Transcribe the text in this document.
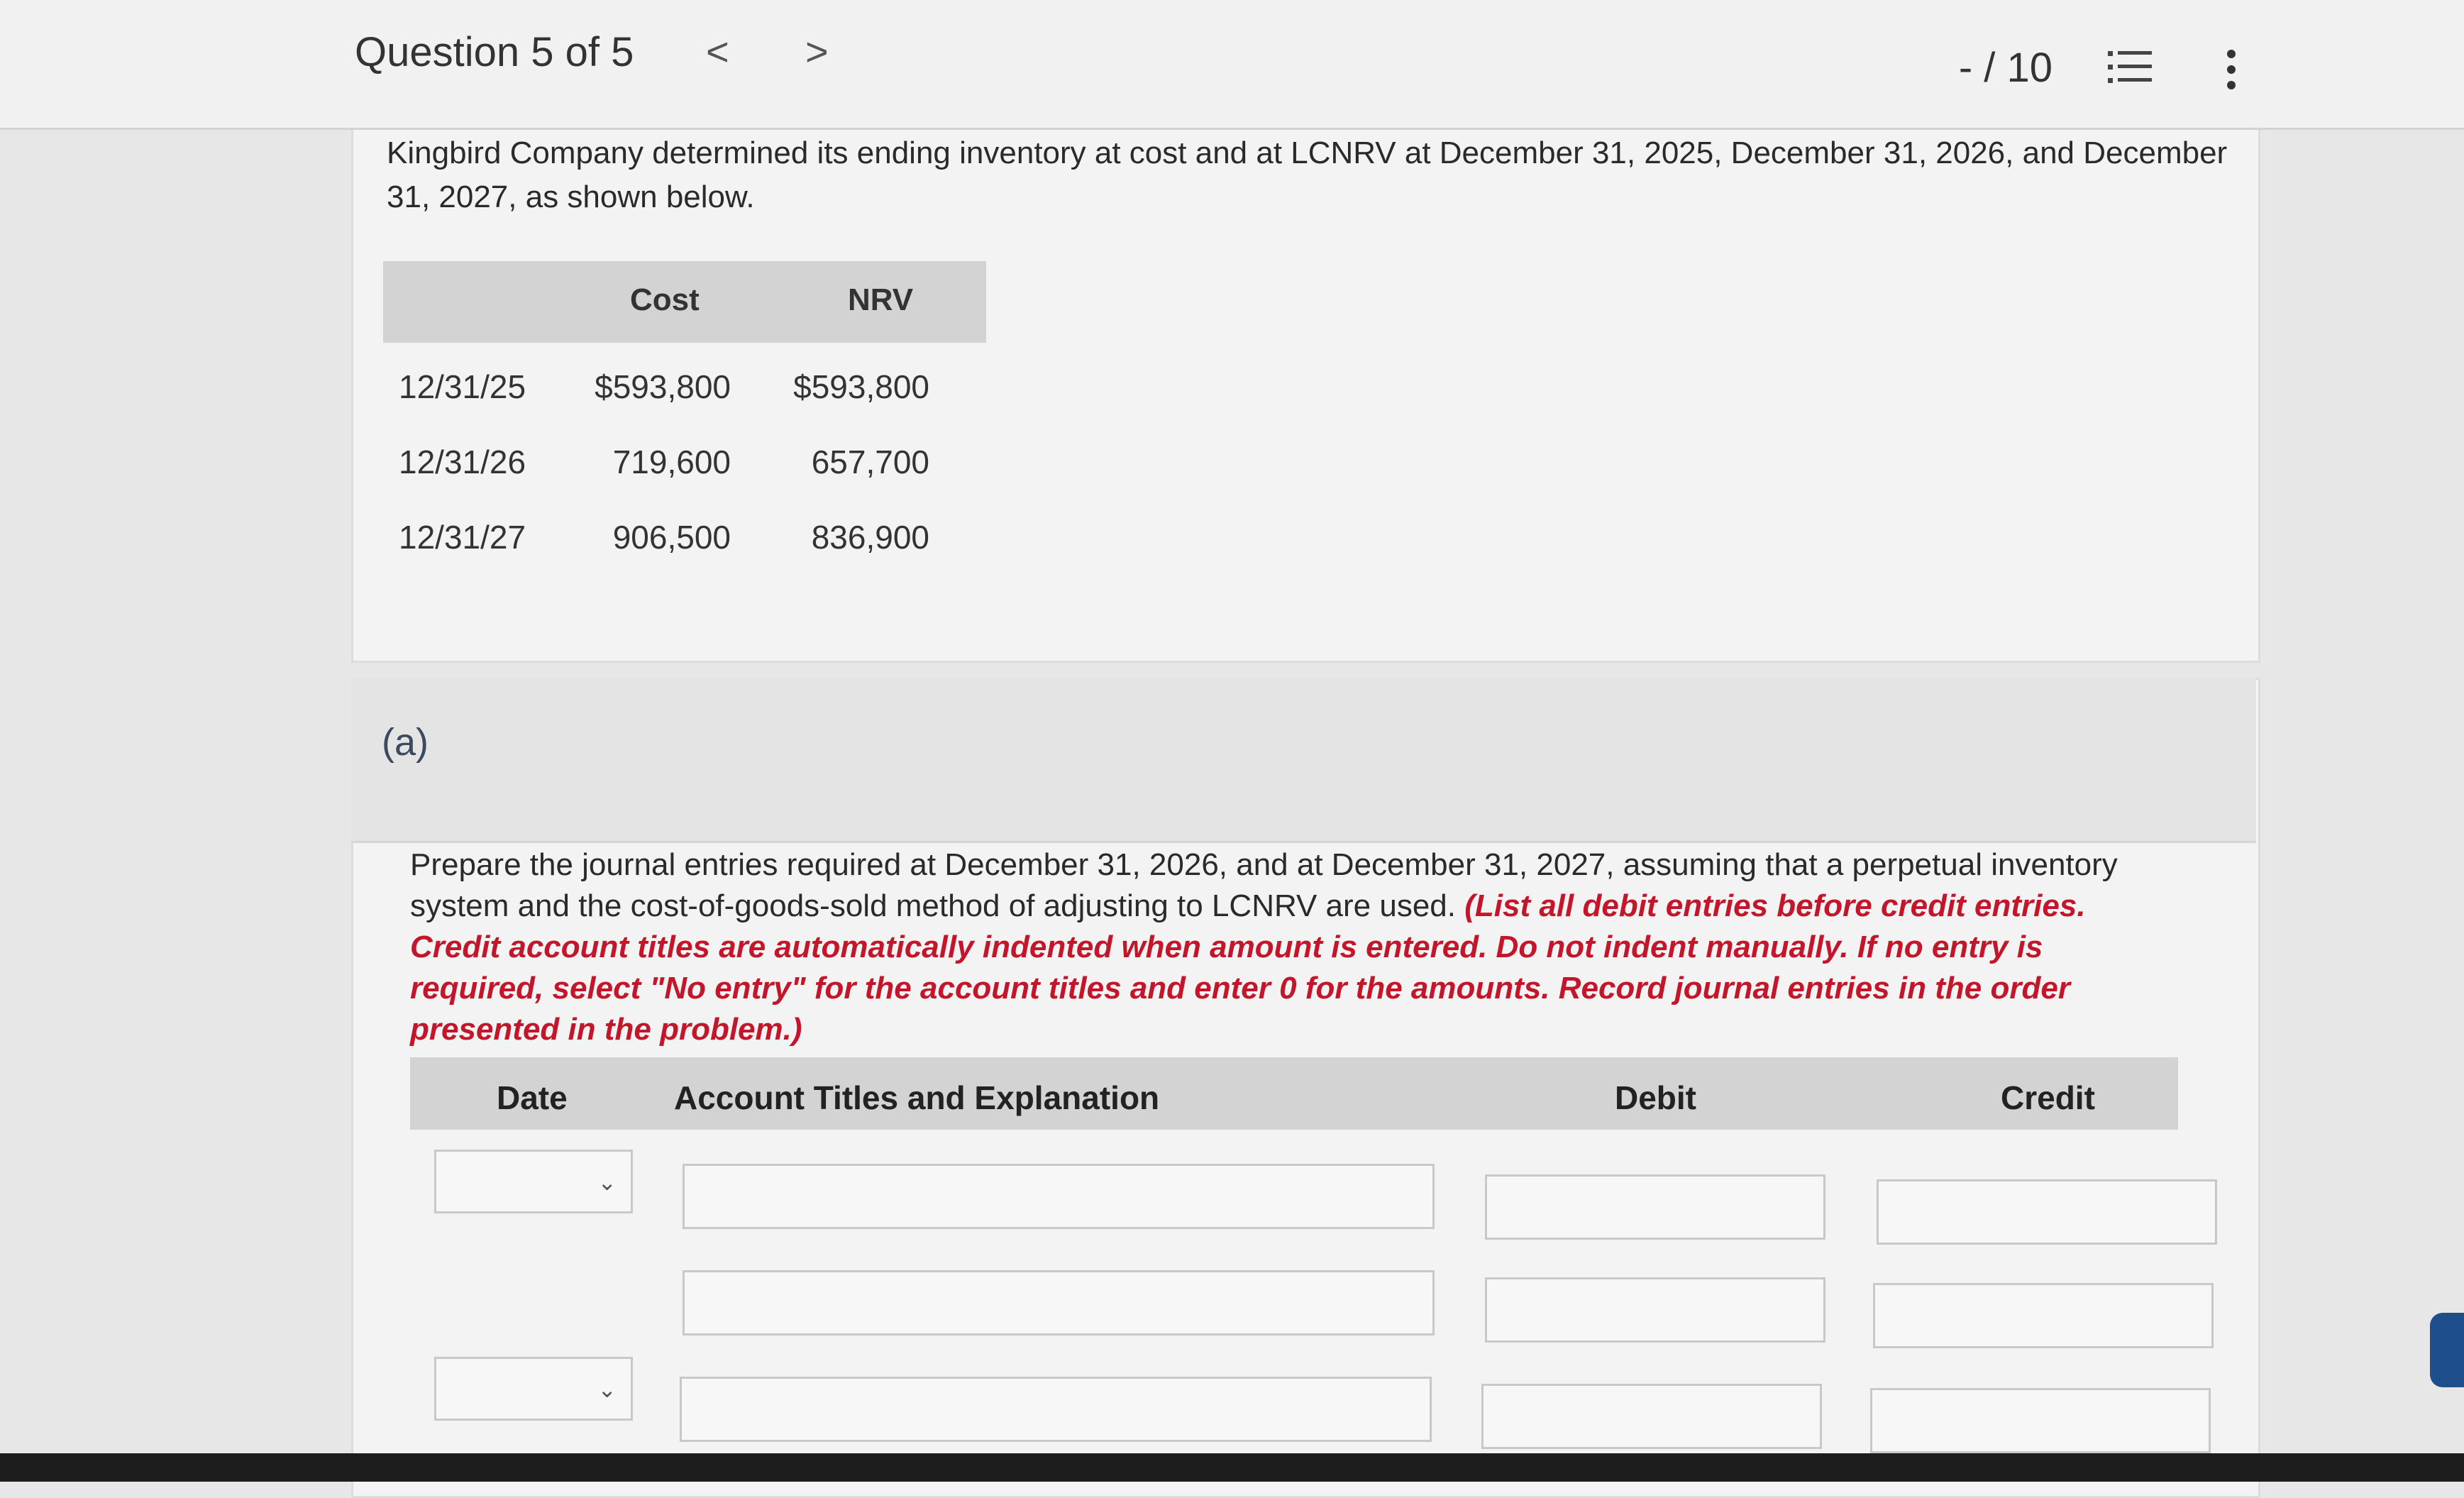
Question 5 of 5 < >	- / 10
Kingbird Company determined its ending inventory at cost and at LCNRV at December 31, 2025, December 31, 2026, and December 31, 2027, as shown below.
Cost	NRV
12/31/25 $593,800 $593,800
12/31/26	719,600 657,700
12/31/27	906,500 836,900
(a)
Prepare the journal entries required at December 31, 2026, and at December 31, 2027, assuming that a perpetual inventory system and the cost-of-goods-sold method of adjusting to LCNRV are used. (List all debit entries before credit entries. Credit account titles are automatically indented when amount is entered. Do not indent manually. If no entry is required, select "No entry" for the account titles and enter 0 for the amounts. Record journal entries in the order presented in the problem.)
Date	Account Titles and Explanation	Debit	Credit
⌄
⌄
